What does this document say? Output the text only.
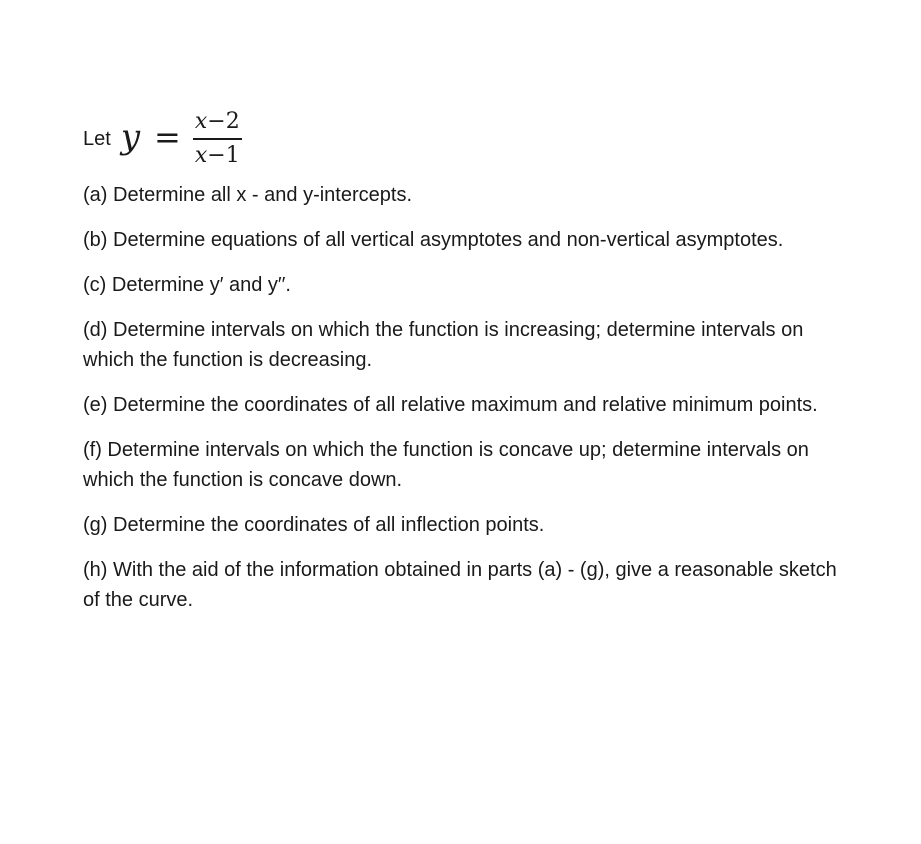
Let $y = \frac{x-2}{x-1}$

(a) Determine all x - and y-intercepts.

(b) Determine equations of all vertical asymptotes and non-vertical asymptotes.

(c) Determine y′ and y′′.

(d) Determine intervals on which the function is increasing; determine intervals on which the function is decreasing.

(e) Determine the coordinates of all relative maximum and relative minimum points.

(f) Determine intervals on which the function is concave up; determine intervals on which the function is concave down.

(g) Determine the coordinates of all inflection points.

(h) With the aid of the information obtained in parts (a) - (g), give a reasonable sketch of the curve.
